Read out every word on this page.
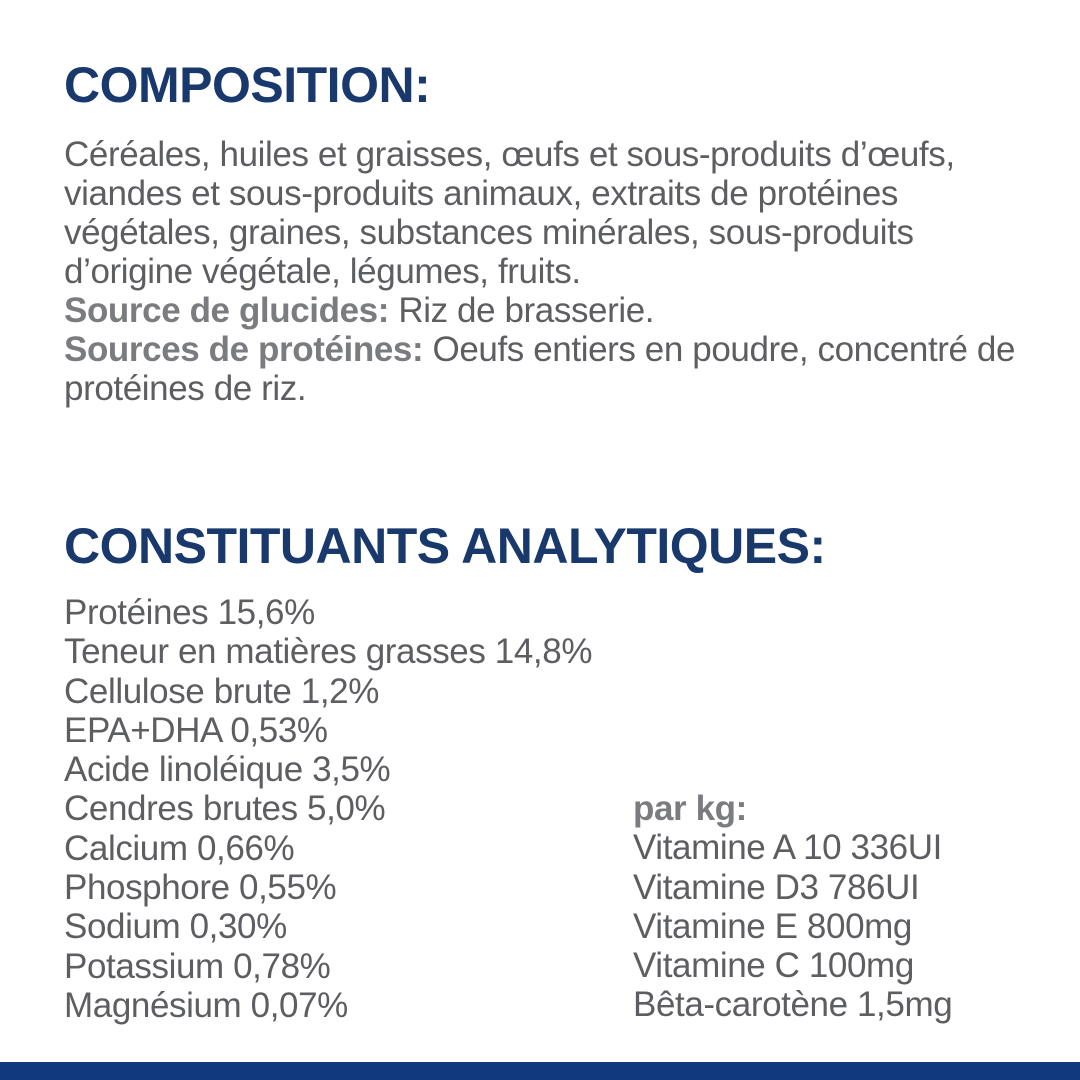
COMPOSITION:

Céréales, huiles et graisses, œufs et sous-produits d’œufs, viandes et sous-produits animaux, extraits de protéines végétales, graines, substances minérales, sous-produits d’origine végétale, légumes, fruits.

Source de glucides: Riz de brasserie.

Sources de protéines: Oeufs entiers en poudre, concentré de protéines de riz.

CONSTITUANTS ANALYTIQUES:
Protéines 15,6%
Teneur en matières grasses 14,8%
Cellulose brute 1,2%
EPA+DHA 0,53%
Acide linoléique 3,5%
Cendres brutes 5,0%
Calcium 0,66%
Phosphore 0,55%
Sodium 0,30%
Potassium 0,78%
Magnésium 0,07%

par kg:

Vitamine A 10 336UI
Vitamine D3 786UI
Vitamine E 800mg
Vitamine C 100mg
Bêta-carotène 1,5mg
